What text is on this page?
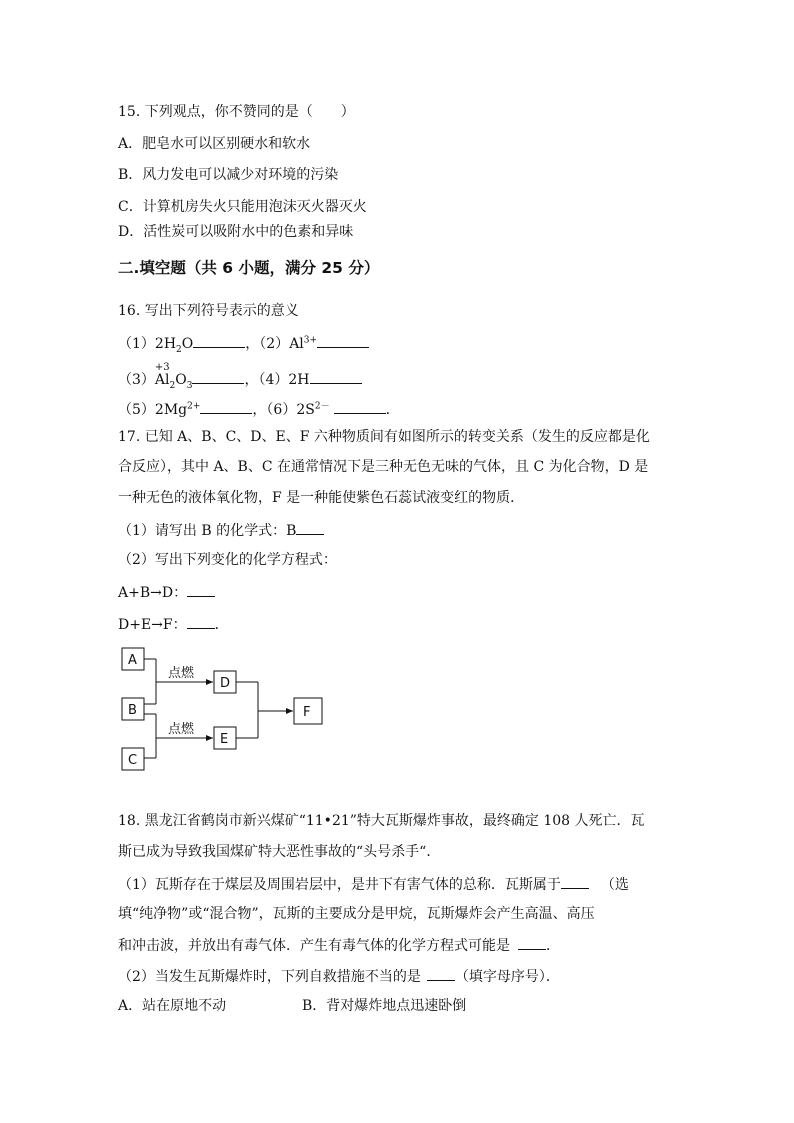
15. 下列观点，你不赞同的是（　　）
A．肥皂水可以区别硬水和软水
B．风力发电可以减少对环境的污染
C．计算机房失火只能用泡沫灭火器灭火
D．活性炭可以吸附水中的色素和异味
二.填空题（共 6 小题，满分 25 分）
16. 写出下列符号表示的意义
$(1)2H_2O$	，$(2)Al^{3+}$
（3）
+3
$Al_2O_3$	，（4）2H
$(5)2Mg^{2+}$	，$(6)2S^{2-}$	．
17. 已知 A、B、C、D、E、F 六种物质间有如图所示的转变关系（发生的反应都是化
合反应），其中 A、B、C 在通常情况下是三种无色无味的气体，且 C 为化合物，D 是
一种无色的液体氧化物，F 是一种能使紫色石蕊试液变红的物质．
（1）请写出 B 的化学式：B
（2）写出下列变化的化学方程式：
A+B→D：
D+E→F： ．
A
B
C
D
E
F
点燃
点燃
18. 黑龙江省鹤岗市新兴煤矿“11•21”特大瓦斯爆炸事故，最终确定 108 人死亡．瓦
斯已成为导致我国煤矿特大恶性事故的“头号杀手“．
（1）瓦斯存在于煤层及周围岩层中，是井下有害气体的总称．瓦斯属于	（选
填“纯净物”或“混合物”，瓦斯的主要成分是甲烷，瓦斯爆炸会产生高温、高压
和冲击波，并放出有毒气体．产生有毒气体的化学方程式可能是	．
（2）当发生瓦斯爆炸时，下列自救措施不当的是 （填字母序号）．
A．站在原地不动	B．背对爆炸地点迅速卧倒
